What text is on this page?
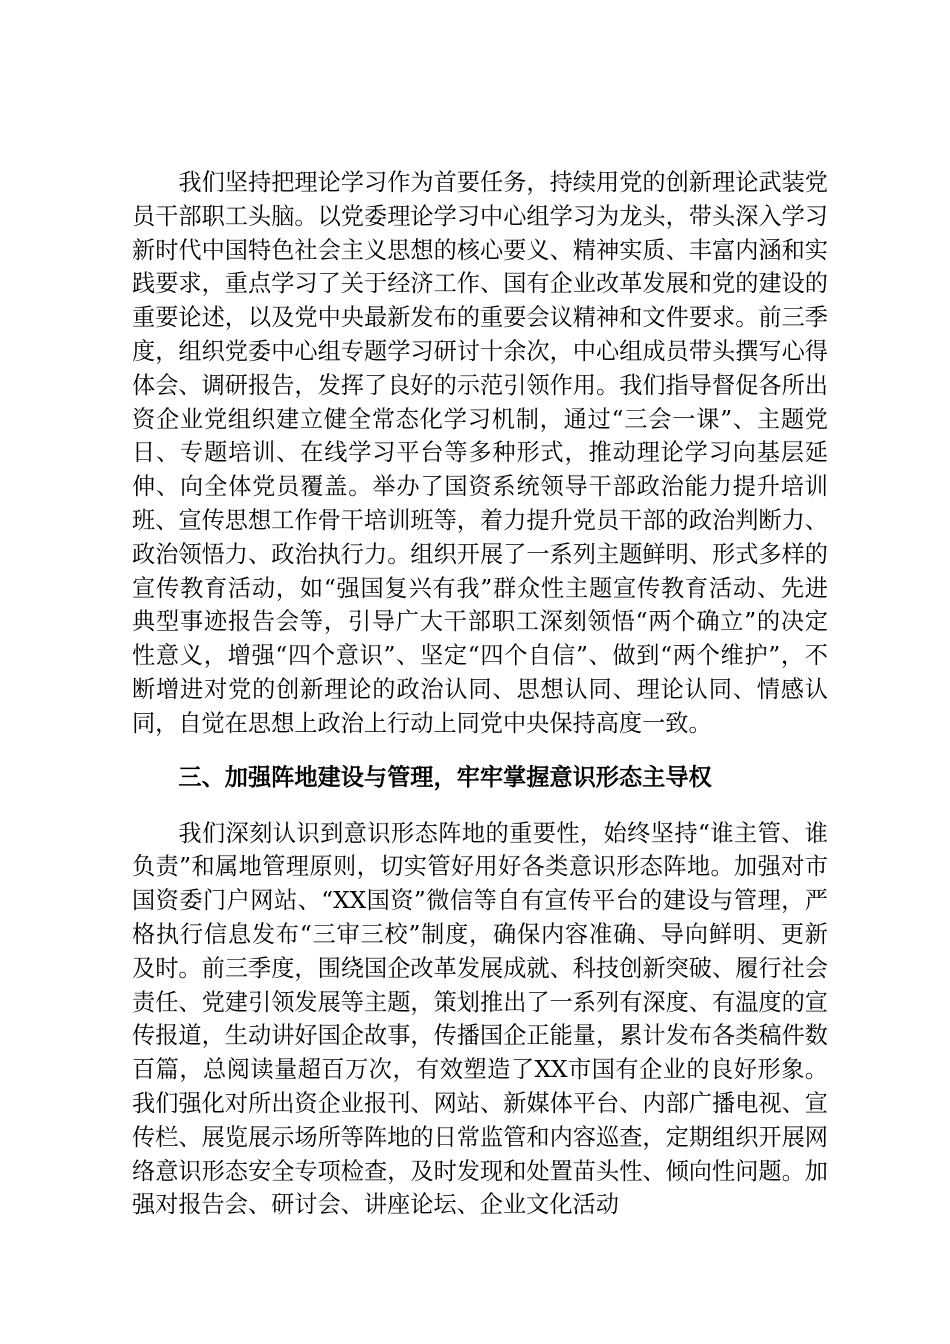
我们坚持把理论学习作为首要任务，持续用党的创新理论武装党员干部职工头脑。以党委理论学习中心组学习为龙头，带头深入学习新时代中国特色社会主义思想的核心要义、精神实质、丰富内涵和实践要求，重点学习了关于经济工作、国有企业改革发展和党的建设的重要论述，以及党中央最新发布的重要会议精神和文件要求。前三季度，组织党委中心组专题学习研讨十余次，中心组成员带头撰写心得体会、调研报告，发挥了良好的示范引领作用。我们指导督促各所出资企业党组织建立健全常态化学习机制，通过“三会一课”、主题党日、专题培训、在线学习平台等多种形式，推动理论学习向基层延伸、向全体党员覆盖。举办了国资系统领导干部政治能力提升培训班、宣传思想工作骨干培训班等，着力提升党员干部的政治判断力、政治领悟力、政治执行力。组织开展了一系列主题鲜明、形式多样的宣传教育活动，如“强国复兴有我”群众性主题宣传教育活动、先进典型事迹报告会等，引导广大干部职工深刻领悟“两个确立”的决定性意义，增强“四个意识”、坚定“四个自信”、做到“两个维护”，不断增进对党的创新理论的政治认同、思想认同、理论认同、情感认同，自觉在思想上政治上行动上同党中央保持高度一致。

三、加强阵地建设与管理，牢牢掌握意识形态主导权

我们深刻认识到意识形态阵地的重要性，始终坚持“谁主管、谁负责”和属地管理原则，切实管好用好各类意识形态阵地。加强对市国资委门户网站、“XX国资”微信等自有宣传平台的建设与管理，严格执行信息发布“三审三校”制度，确保内容准确、导向鲜明、更新及时。前三季度，围绕国企改革发展成就、科技创新突破、履行社会责任、党建引领发展等主题，策划推出了一系列有深度、有温度的宣传报道，生动讲好国企故事，传播国企正能量，累计发布各类稿件数百篇，总阅读量超百万次，有效塑造了XX市国有企业的良好形象。我们强化对所出资企业报刊、网站、新媒体平台、内部广播电视、宣传栏、展览展示场所等阵地的日常监管和内容巡查，定期组织开展网络意识形态安全专项检查，及时发现和处置苗头性、倾向性问题。加强对报告会、研讨会、讲座论坛、企业文化活动
